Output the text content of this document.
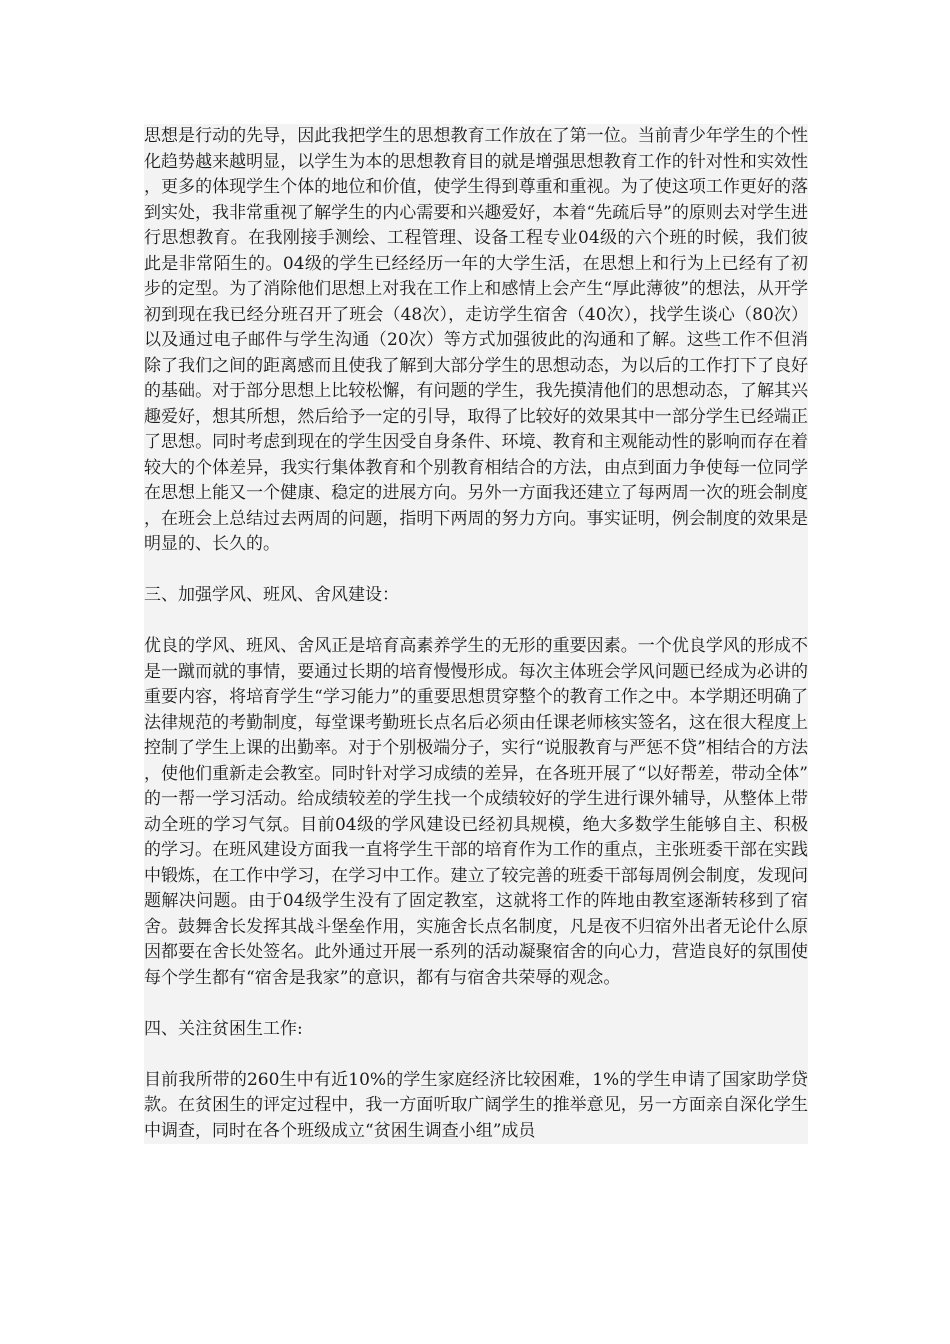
思想是行动的先导，因此我把学生的思想教育工作放在了第一位。当前青少年学生的个性化趋势越来越明显，以学生为本的思想教育目的就是增强思想教育工作的针对性和实效性，更多的体现学生个体的地位和价值，使学生得到尊重和重视。为了使这项工作更好的落到实处，我非常重视了解学生的内心需要和兴趣爱好，本着“先疏后导”的原则去对学生进行思想教育。在我刚接手测绘、工程管理、设备工程专业04级的六个班的时候，我们彼此是非常陌生的。04级的学生已经经历一年的大学生活，在思想上和行为上已经有了初步的定型。为了消除他们思想上对我在工作上和感情上会产生“厚此薄彼”的想法，从开学初到现在我已经分班召开了班会（48次），走访学生宿舍（40次），找学生谈心（80次）以及通过电子邮件与学生沟通（20次）等方式加强彼此的沟通和了解。这些工作不但消除了我们之间的距离感而且使我了解到大部分学生的思想动态，为以后的工作打下了良好的基础。对于部分思想上比较松懈，有问题的学生，我先摸清他们的思想动态，了解其兴趣爱好，想其所想，然后给予一定的引导，取得了比较好的效果其中一部分学生已经端正了思想。同时考虑到现在的学生因受自身条件、环境、教育和主观能动性的影响而存在着较大的个体差异，我实行集体教育和个别教育相结合的方法，由点到面力争使每一位同学在思想上能又一个健康、稳定的进展方向。另外一方面我还建立了每两周一次的班会制度，在班会上总结过去两周的问题，指明下两周的努力方向。事实证明，例会制度的效果是明显的、长久的。

三、加强学风、班风、舍风建设：

优良的学风、班风、舍风正是培育高素养学生的无形的重要因素。一个优良学风的形成不是一蹴而就的事情，要通过长期的培育慢慢形成。每次主体班会学风问题已经成为必讲的重要内容，将培育学生“学习能力”的重要思想贯穿整个的教育工作之中。本学期还明确了法律规范的考勤制度，每堂课考勤班长点名后必须由任课老师核实签名，这在很大程度上控制了学生上课的出勤率。对于个别极端分子，实行“说服教育与严惩不贷”相结合的方法，使他们重新走会教室。同时针对学习成绩的差异，在各班开展了“以好帮差，带动全体”的一帮一学习活动。给成绩较差的学生找一个成绩较好的学生进行课外辅导，从整体上带动全班的学习气氛。目前04级的学风建设已经初具规模，绝大多数学生能够自主、积极的学习。在班风建设方面我一直将学生干部的培育作为工作的重点，主张班委干部在实践中锻炼，在工作中学习，在学习中工作。建立了较完善的班委干部每周例会制度，发现问题解决问题。由于04级学生没有了固定教室，这就将工作的阵地由教室逐渐转移到了宿舍。鼓舞舍长发挥其战斗堡垒作用，实施舍长点名制度，凡是夜不归宿外出者无论什么原因都要在舍长处签名。此外通过开展一系列的活动凝聚宿舍的向心力，营造良好的氛围使每个学生都有“宿舍是我家”的意识，都有与宿舍共荣辱的观念。

四、关注贫困生工作:

目前我所带的260生中有近10%的学生家庭经济比较困难，1%的学生申请了国家助学贷款。在贫困生的评定过程中，我一方面听取广阔学生的推举意见，另一方面亲自深化学生中调查，同时在各个班级成立“贫困生调查小组”成员
